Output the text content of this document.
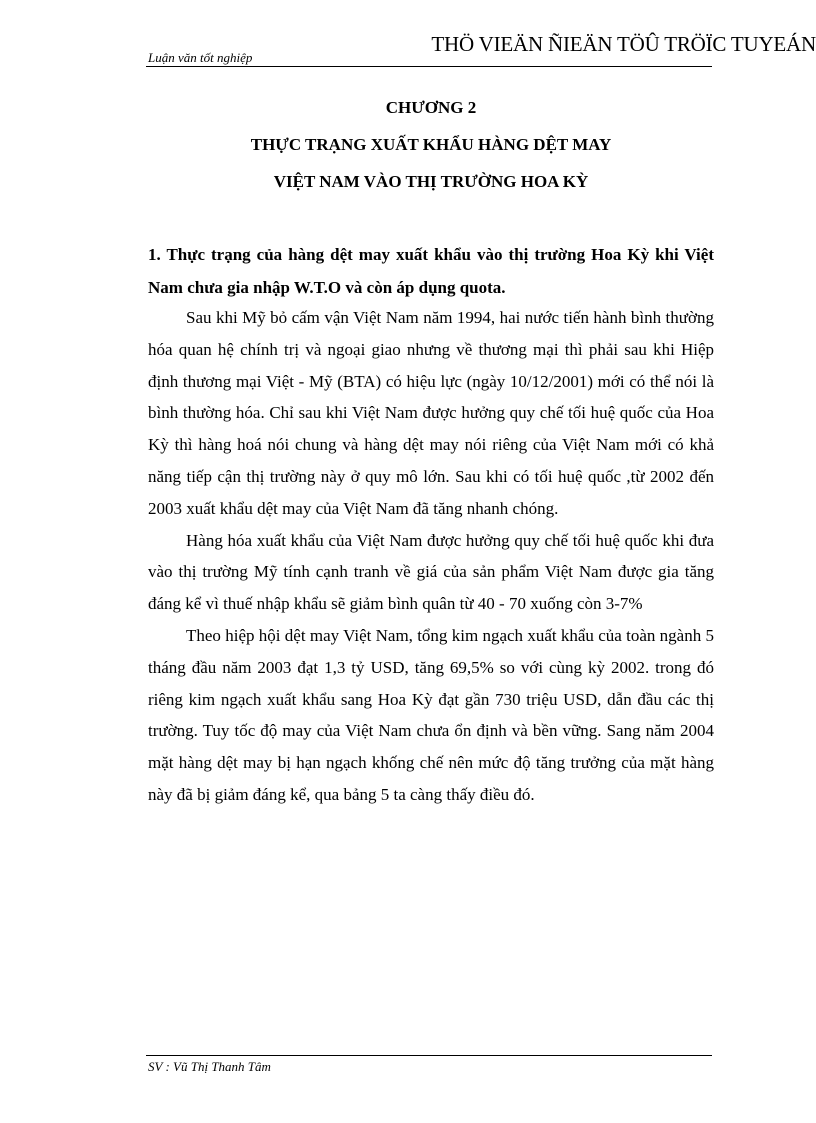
Luận văn tốt nghiệp
THÖ VIEÄN ÑIEÄN TÖÛ TRÖÏC TUYEÁN
CHƯƠNG 2
THỰC TRẠNG XUẤT KHẨU HÀNG DỆT MAY
VIỆT NAM VÀO THỊ TRƯỜNG HOA KỲ
1. Thực trạng của hàng dệt may xuất khẩu vào thị trường Hoa Kỳ khi Việt Nam chưa gia nhập W.T.O và còn áp dụng quota.

Sau khi Mỹ bỏ cấm vận Việt Nam năm 1994, hai nước tiến hành bình thường hóa quan hệ chính trị và ngoại giao nhưng về thương mại thì phải sau khi Hiệp định thương mại Việt - Mỹ (BTA) có hiệu lực (ngày 10/12/2001) mới có thể nói là bình thường hóa. Chỉ sau khi Việt Nam được hưởng quy chế tối huệ quốc của Hoa Kỳ thì hàng hoá nói chung và hàng dệt may nói riêng của Việt Nam mới có khả năng tiếp cận thị trường này ở quy mô lớn. Sau khi có tối huệ quốc ,từ 2002 đến 2003 xuất khẩu dệt may của Việt Nam đã tăng nhanh chóng.

Hàng hóa xuất khẩu của Việt Nam được hưởng quy chế tối huệ quốc khi đưa vào thị trường Mỹ tính cạnh tranh về giá của sản phẩm Việt Nam được gia tăng đáng kể vì thuế nhập khẩu sẽ giảm bình quân từ 40 - 70 xuống còn 3-7%

Theo hiệp hội dệt may Việt Nam, tổng kim ngạch xuất khẩu của toàn ngành 5 tháng đầu năm 2003 đạt 1,3 tỷ USD, tăng 69,5% so với cùng kỳ 2002. trong đó riêng kim ngạch xuất khẩu sang Hoa Kỳ đạt gần 730 triệu USD, dẫn đầu các thị trường. Tuy tốc độ may của Việt Nam chưa ổn định và bền vững. Sang năm 2004 mặt hàng dệt may bị hạn ngạch khống chế nên mức độ tăng trưởng của mặt hàng này đã bị giảm đáng kể, qua bảng 5 ta càng thấy điều đó.

SV : Vũ Thị Thanh Tâm
